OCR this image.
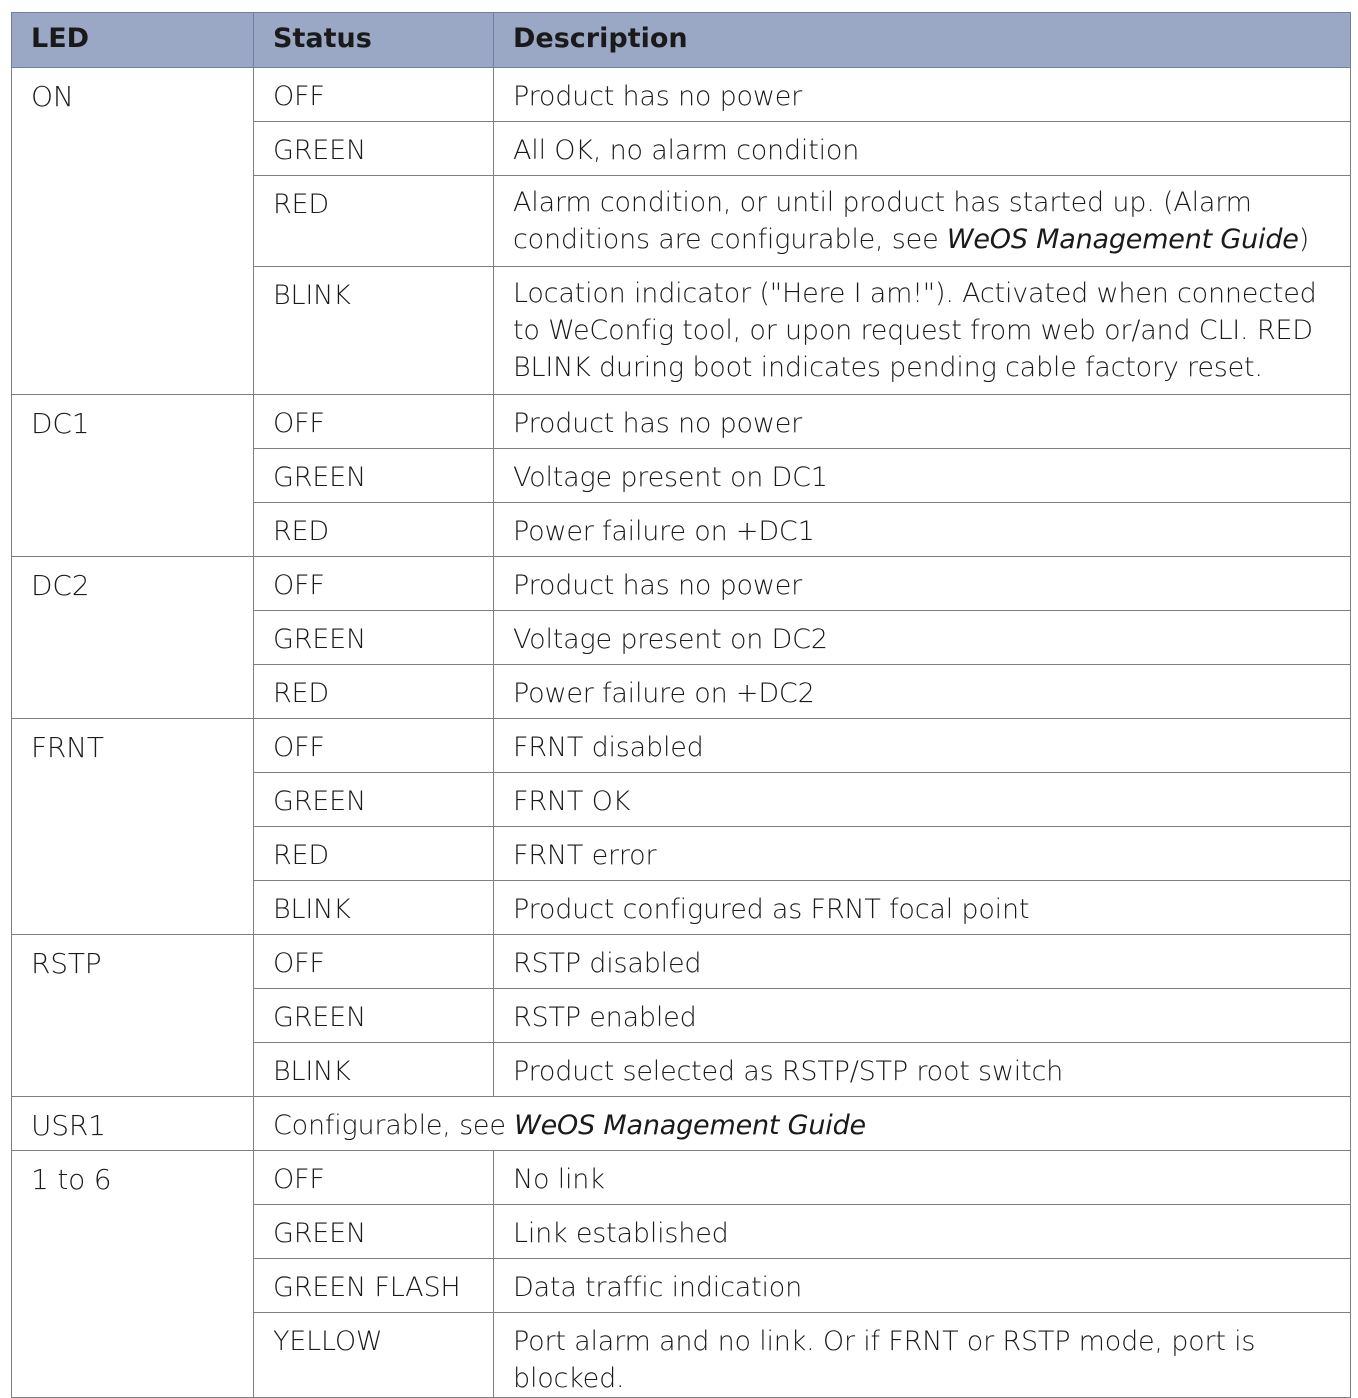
LED	Status	Description
ON	OFF	Product has no power
	GREEN	All OK, no alarm condition
	RED	Alarm condition, or until product has started up. (Alarm conditions are configurable, see WeOS Management Guide)
	BLINK	Location indicator ("Here I am!"). Activated when connected to WeConfig tool, or upon request from web or/and CLI. RED BLINK during boot indicates pending cable factory reset.
DC1	OFF	Product has no power
	GREEN	Voltage present on DC1
	RED	Power failure on +DC1
DC2	OFF	Product has no power
	GREEN	Voltage present on DC2
	RED	Power failure on +DC2
FRNT	OFF	FRNT disabled
	GREEN	FRNT OK
	RED	FRNT error
	BLINK	Product configured as FRNT focal point
RSTP	OFF	RSTP disabled
	GREEN	RSTP enabled
	BLINK	Product selected as RSTP/STP root switch
USR1	Configurable, see WeOS Management Guide	
1 to 6	OFF	No link
	GREEN	Link established
	GREEN FLASH	Data traffic indication
	YELLOW	Port alarm and no link. Or if FRNT or RSTP mode, port is blocked.
